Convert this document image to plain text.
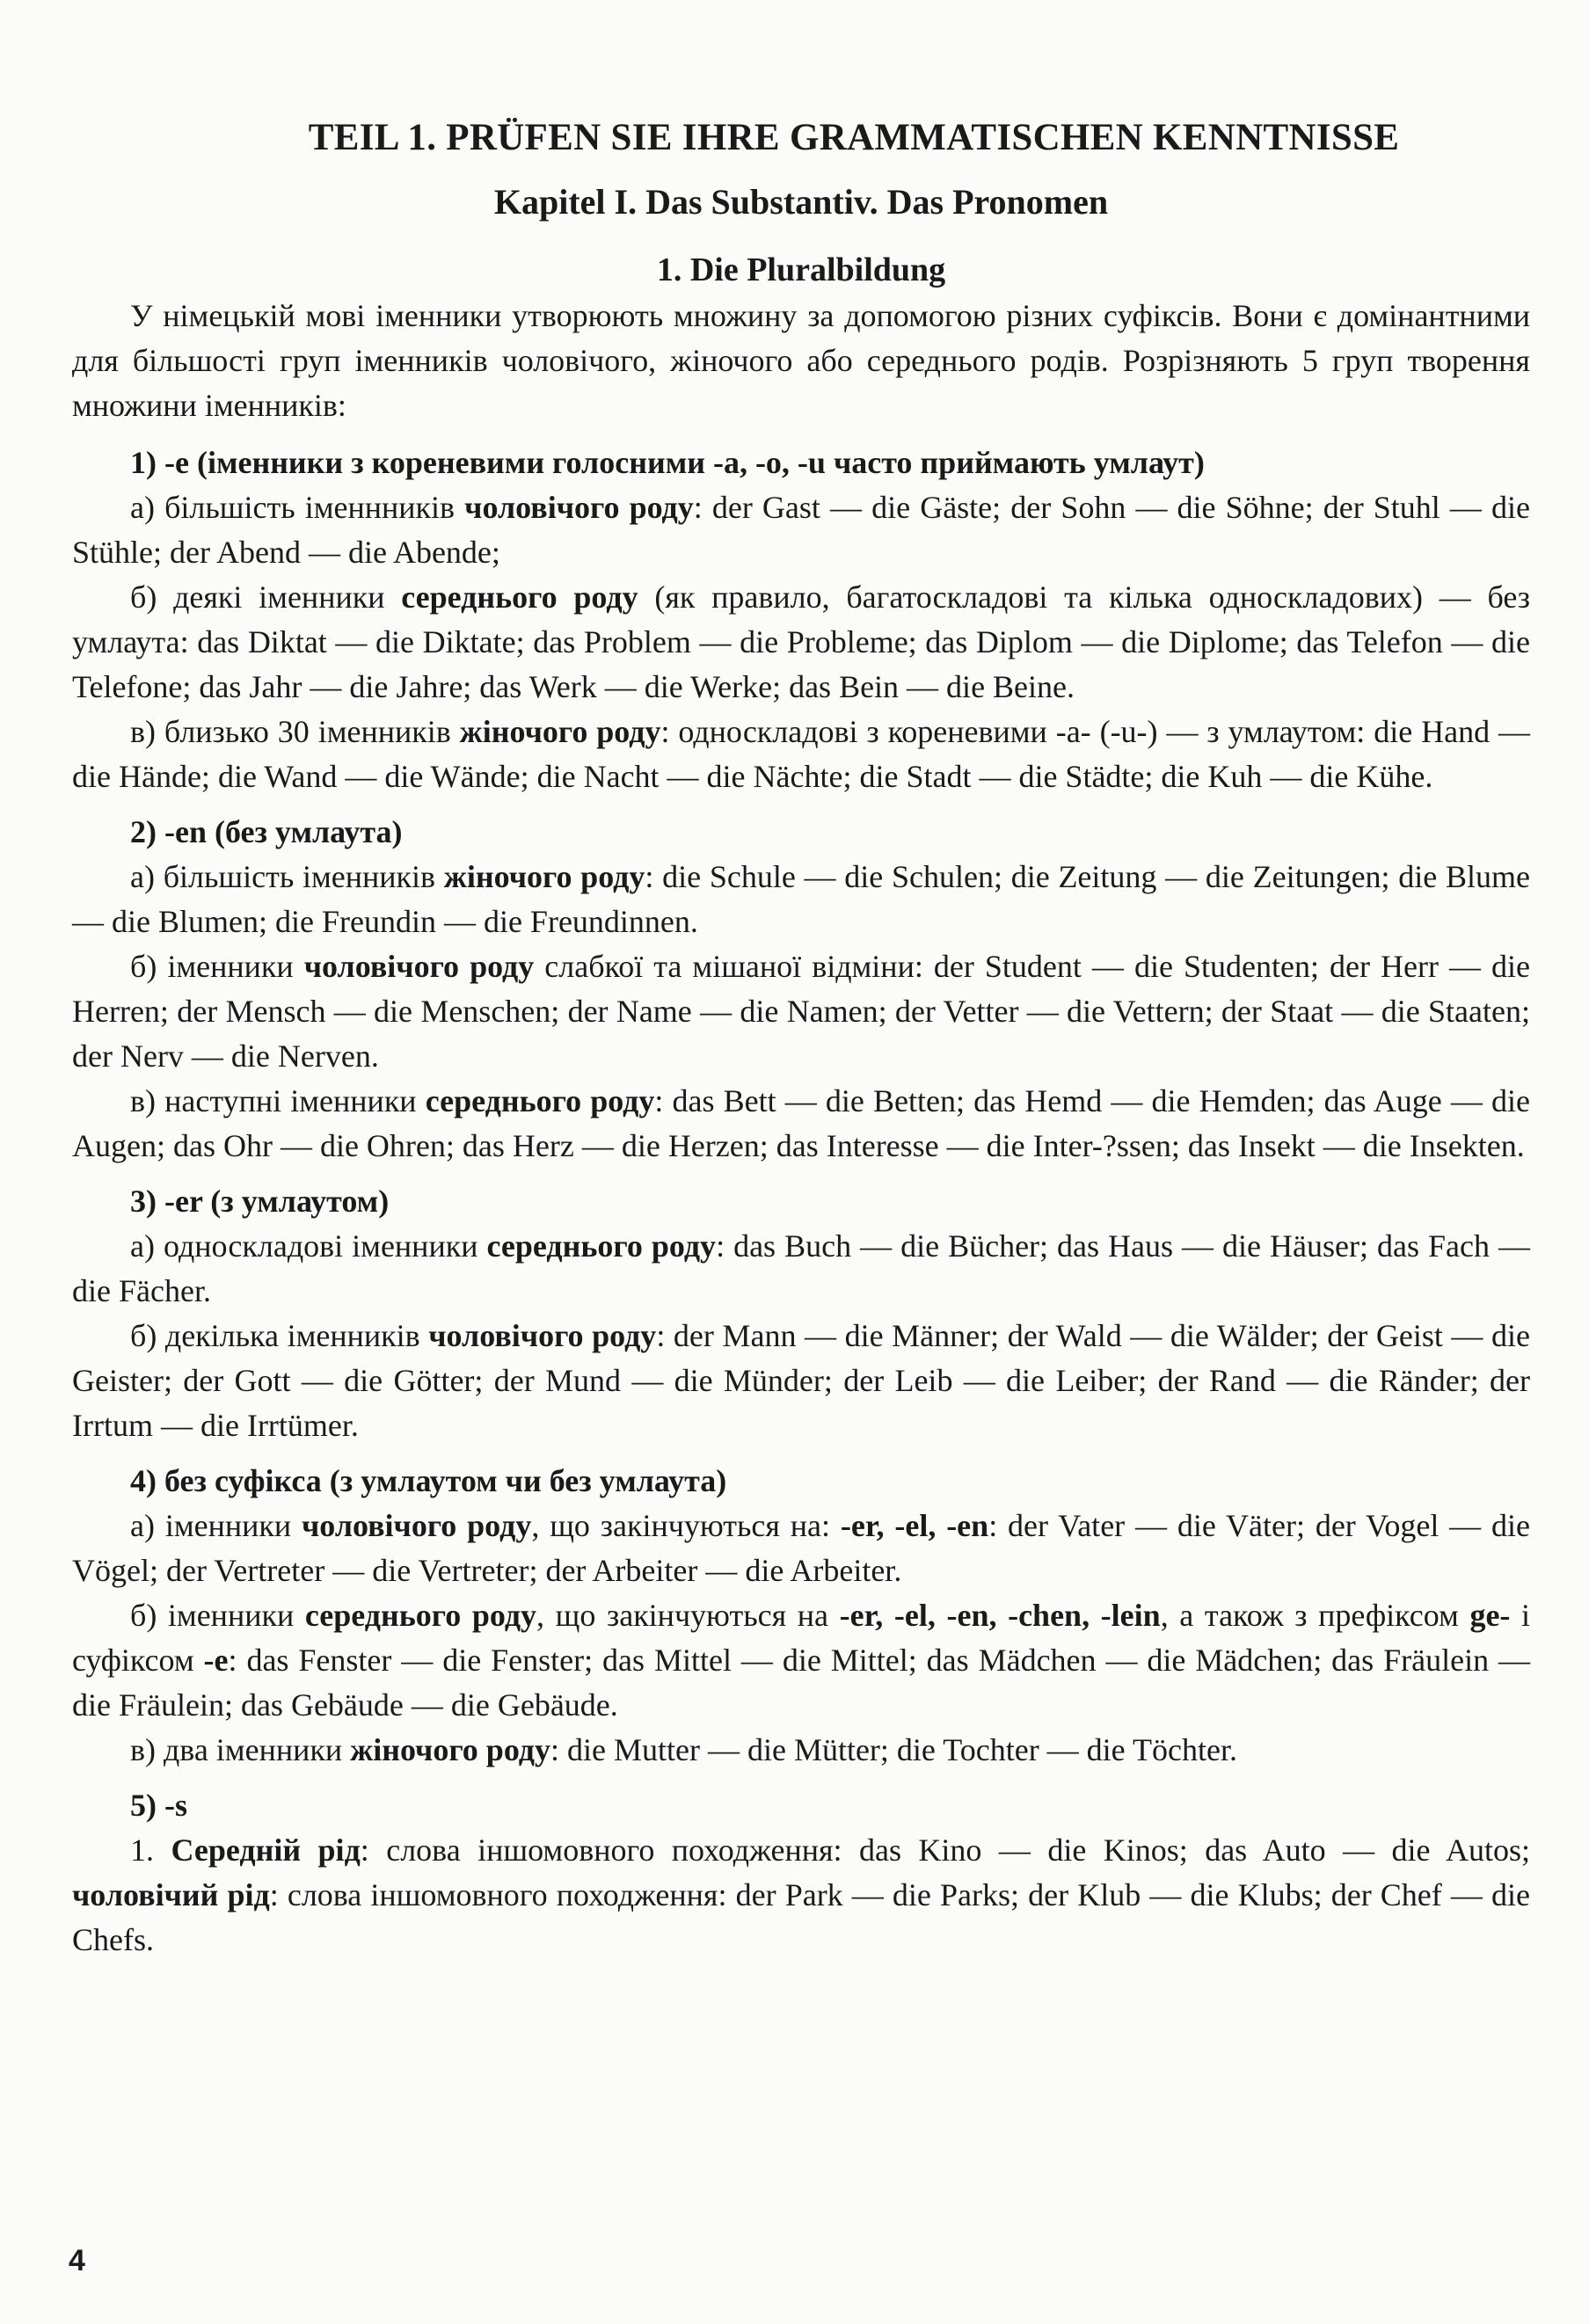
TEIL 1. PRÜFEN SIE IHRE GRAMMATISCHEN KENNTNISSE
Kapitel I. Das Substantiv. Das Pronomen
1. Die Pluralbildung

У німецькій мові іменники утворюють множину за допомогою різних суфіксів. Вони є домінантними для більшості груп іменників чоловічого, жіночого або середнього родів. Розрізняють 5 груп творення множини іменників:

1) -е (іменники з кореневими голосними -а, -о, -u часто приймають умлаут)

а) більшість іменнників чоловічого роду: der Gast — die Gäste; der Sohn — die Söhne; der Stuhl — die Stühle; der Abend — die Abende;

б) деякі іменники середнього роду (як правило, багатоскладові та кілька односкладових) — без умлаута: das Diktat — die Diktate; das Problem — die Probleme; das Diplom — die Diplome; das Telefon — die Telefone; das Jahr — die Jahre; das Werk — die Werke; das Bein — die Beine.

в) близько 30 іменників жіночого роду: односкладові з кореневими -а- (-u-) — з умлаутом: die Hand — die Hände; die Wand — die Wände; die Nacht — die Nächte; die Stadt — die Städte; die Kuh — die Kühe.

2) -en (без умлаута)

а) більшість іменників жіночого роду: die Schule — die Schulen; die Zeitung — die Zeitungen; die Blume — die Blumen; die Freundin — die Freundinnen.

б) іменники чоловічого роду слабкої та мішаної відміни: der Student — die Studenten; der Herr — die Herren; der Mensch — die Menschen; der Name — die Namen; der Vetter — die Vettern; der Staat — die Staaten; der Nerv — die Nerven.

в) наступні іменники середнього роду: das Bett — die Betten; das Hemd — die Hemden; das Auge — die Augen; das Ohr — die Ohren; das Herz — die Herzen; das Interesse — die Inter-?ssen; das Insekt — die Insekten.

3) -er (з умлаутом)

а) односкладові іменники середнього роду: das Buch — die Bücher; das Haus — die Häuser; das Fach — die Fächer.

б) декілька іменників чоловічого роду: der Mann — die Männer; der Wald — die Wälder; der Geist — die Geister; der Gott — die Götter; der Mund — die Münder; der Leib — die Leiber; der Rand — die Ränder; der Irrtum — die Irrtümer.

4) без суфікса (з умлаутом чи без умлаута)

а) іменники чоловічого роду, що закінчуються на: -er, -el, -en: der Vater — die Väter; der Vogel — die Vögel; der Vertreter — die Vertreter; der Arbeiter — die Arbeiter.

б) іменники середнього роду, що закінчуються на -er, -el, -en, -chen, -lein, а також з префіксом ge- і суфіксом -е: das Fenster — die Fenster; das Mittel — die Mittel; das Mädchen — die Mädchen; das Fräulein — die Fräulein; das Gebäude — die Gebäude.

в) два іменники жіночого роду: die Mutter — die Mütter; die Tochter — die Töchter.

5) -s

1. Середній рід: слова іншомовного походження: das Kino — die Kinos; das Auto — die Autos; чоловічий рід: слова іншомовного походження: der Park — die Parks; der Klub — die Klubs; der Chef — die Chefs.

4
